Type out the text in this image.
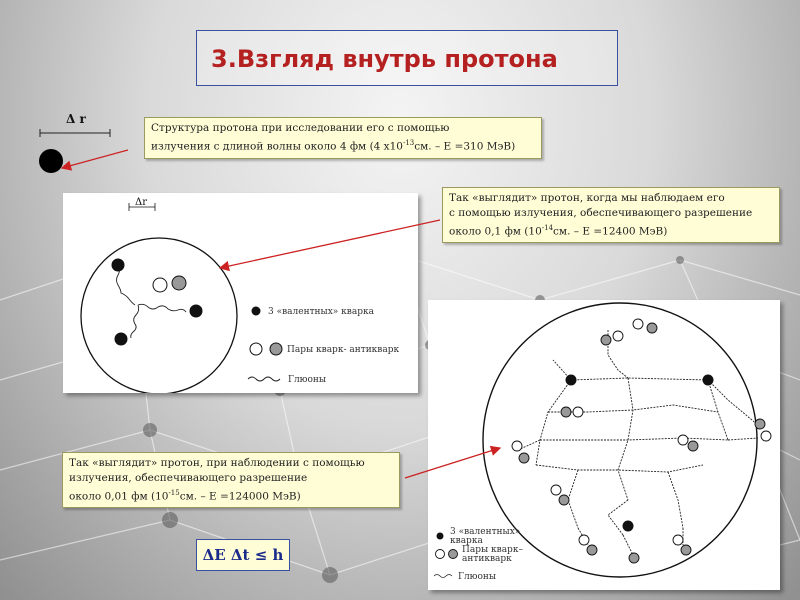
3.Взгляд внутрь протона
Δ r
Структура протона при исследовании его с помощью
излучения с длиной волны около 4 фм (4 $х10^{-13}см$. – Е =310 МэВ)
Так «выглядит» протон, когда мы наблюдаем его
с помощью излучения, обеспечивающего разрешение
около 0,1 фм ($10^{-14}см$. – Е =12400 МэВ)
Так «выглядит» протон, при наблюдении с помощью
излучения, обеспечивающего разрешение
около 0,01 фм ($10^{-15}см$. – Е =124000 МэВ)
Δr
3 «валентных» кварка
Пары кварк- антикварк
Глюоны
3 «валентных»
кварка
Пары кварк–
антикварк
Глюоны
ΔE Δt ≤ h
